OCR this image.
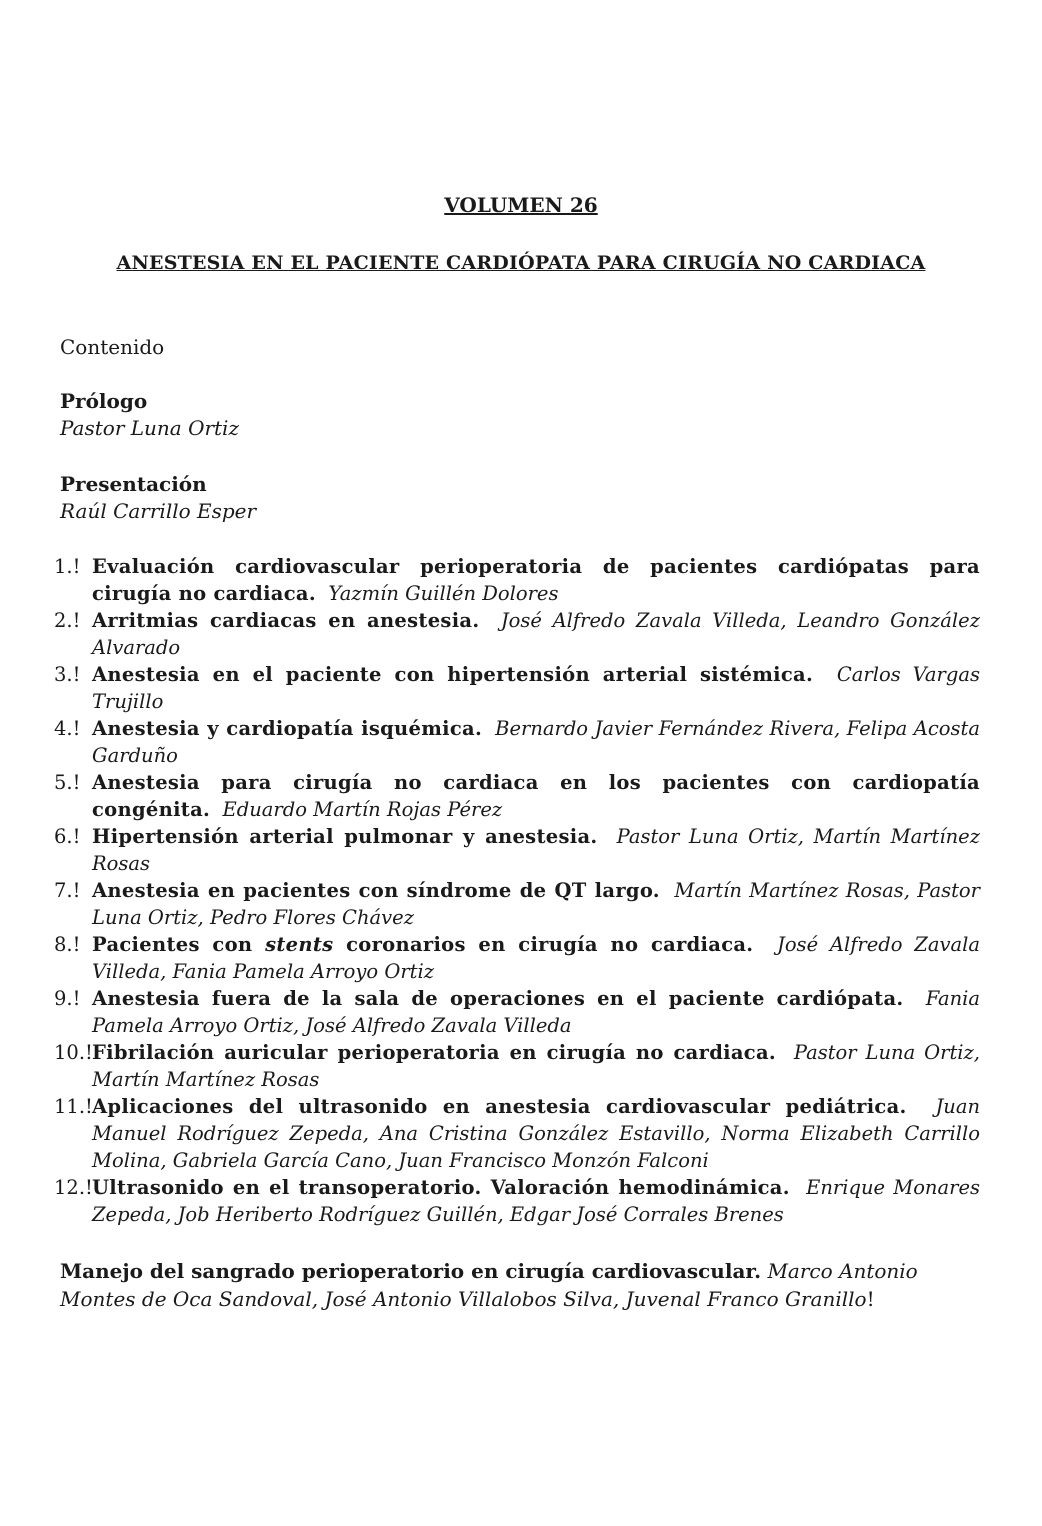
VOLUMEN 26
ANESTESIA EN EL PACIENTE CARDIÓPATA PARA CIRUGÍA NO CARDIACA
Contenido
Prólogo
Pastor Luna Ortiz
Presentación
Raúl Carrillo Esper
1.! Evaluación cardiovascular perioperatoria de pacientes cardiópatas para cirugía no cardiaca. Yazmín Guillén Dolores
2.! Arritmias cardiacas en anestesia. José Alfredo Zavala Villeda, Leandro González Alvarado
3.! Anestesia en el paciente con hipertensión arterial sistémica. Carlos Vargas Trujillo
4.! Anestesia y cardiopatía isquémica. Bernardo Javier Fernández Rivera, Felipa Acosta Garduño
5.! Anestesia para cirugía no cardiaca en los pacientes con cardiopatía congénita. Eduardo Martín Rojas Pérez
6.! Hipertensión arterial pulmonar y anestesia. Pastor Luna Ortiz, Martín Martínez Rosas
7.! Anestesia en pacientes con síndrome de QT largo. Martín Martínez Rosas, Pastor Luna Ortiz, Pedro Flores Chávez
8.! Pacientes con stents coronarios en cirugía no cardiaca. José Alfredo Zavala Villeda, Fania Pamela Arroyo Ortiz
9.! Anestesia fuera de la sala de operaciones en el paciente cardiópata. Fania Pamela Arroyo Ortiz, José Alfredo Zavala Villeda
10.! Fibrilación auricular perioperatoria en cirugía no cardiaca. Pastor Luna Ortiz, Martín Martínez Rosas
11.! Aplicaciones del ultrasonido en anestesia cardiovascular pediátrica. Juan Manuel Rodríguez Zepeda, Ana Cristina González Estavillo, Norma Elizabeth Carrillo Molina, Gabriela García Cano, Juan Francisco Monzón Falconi
12.! Ultrasonido en el transoperatorio. Valoración hemodinámica. Enrique Monares Zepeda, Job Heriberto Rodríguez Guillén, Edgar José Corrales Brenes
Manejo del sangrado perioperatorio en cirugía cardiovascular. Marco Antonio Montes de Oca Sandoval, José Antonio Villalobos Silva, Juvenal Franco Granillo!
